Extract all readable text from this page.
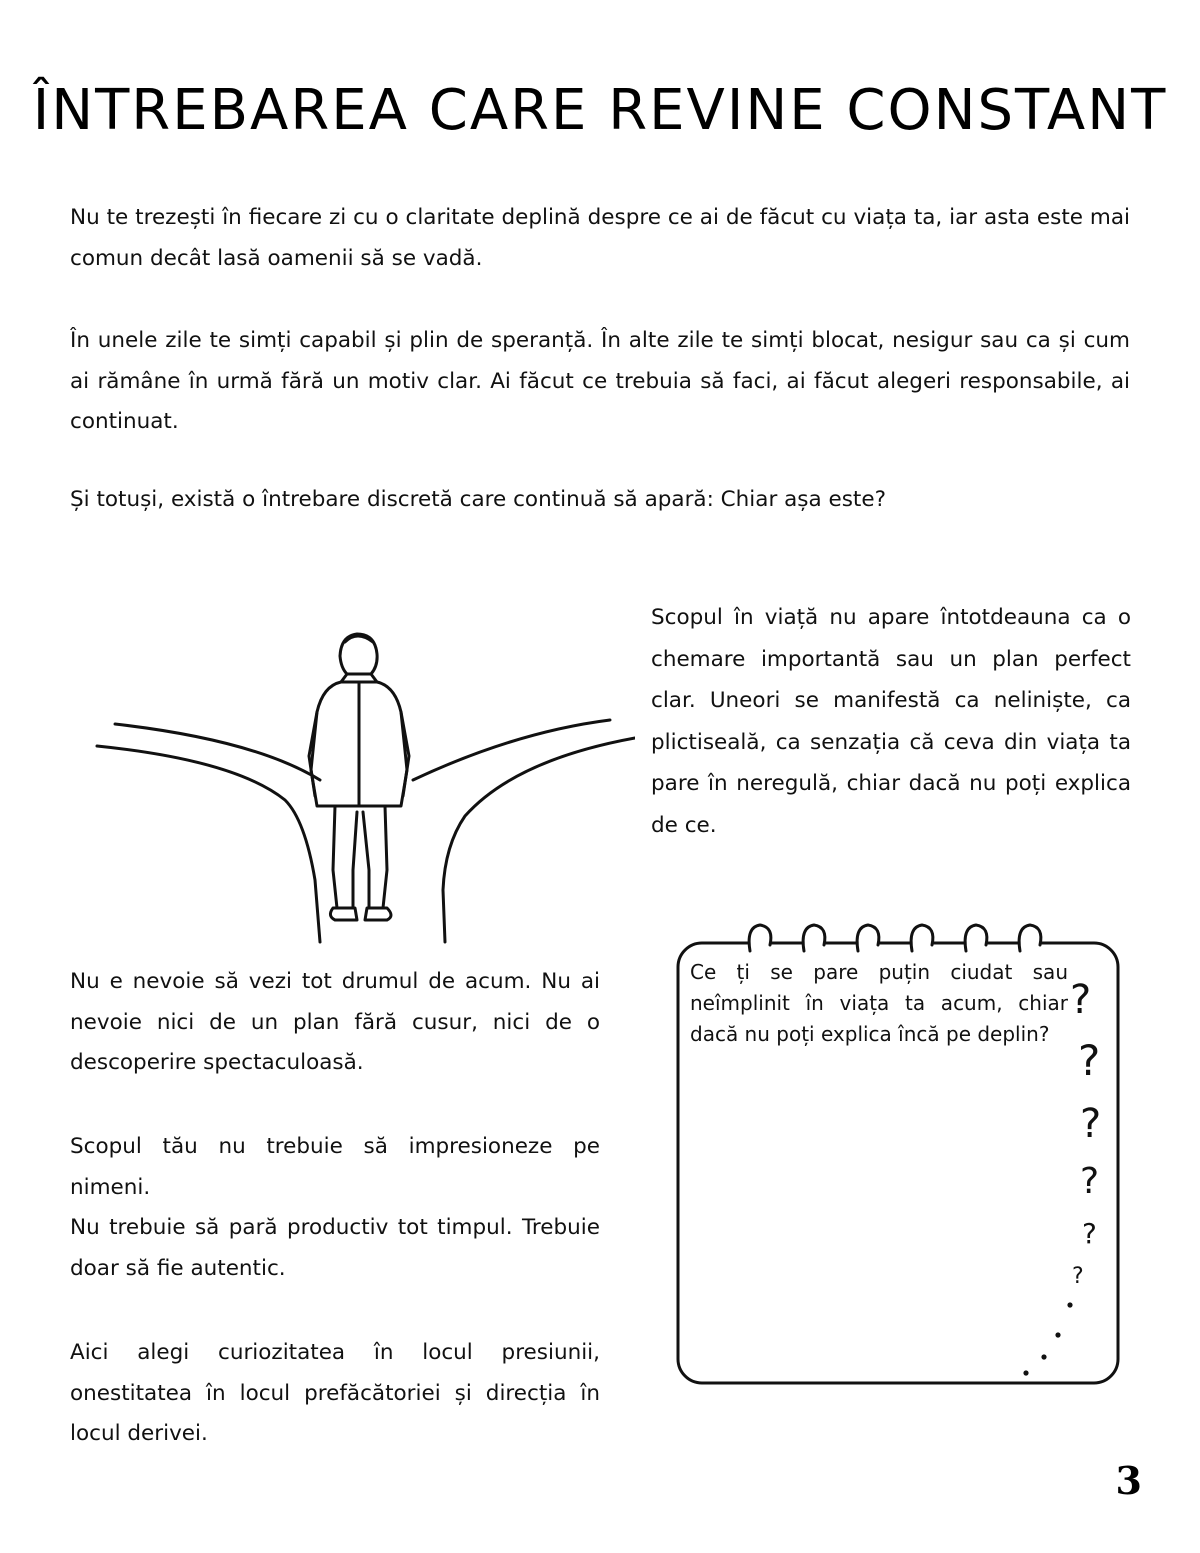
ÎNTREBAREA CARE REVINE CONSTANT

Nu te trezești în fiecare zi cu o claritate deplină despre ce ai de făcut cu viața ta, iar asta este mai comun decât lasă oamenii să se vadă.

În unele zile te simți capabil și plin de speranță. În alte zile te simți blocat, nesigur sau ca și cum ai rămâne în urmă fără un motiv clar. Ai făcut ce trebuia să faci, ai făcut alegeri responsabile, ai continuat.

Și totuși, există o întrebare discretă care continuă să apară: Chiar așa este?

Scopul în viață nu apare întotdeauna ca o chemare importantă sau un plan perfect clar. Uneori se manifestă ca neliniște, ca plictiseală, ca senzația că ceva din viața ta pare în neregulă, chiar dacă nu poți explica de ce.

Nu e nevoie să vezi tot drumul de acum. Nu ai nevoie nici de un plan fără cusur, nici de o descoperire spectaculoasă.

Scopul tău nu trebuie să impresioneze pe nimeni.
Nu trebuie să pară productiv tot timpul. Trebuie doar să fie autentic.

Aici alegi curiozitatea în locul presiunii, onestitatea în locul prefăcătoriei și direcția în locul derivei.

?
?
?
?
?
?

Ce ți se pare puțin ciudat sau neîmplinit în viața ta acum, chiar dacă nu poți explica încă pe deplin?

3
